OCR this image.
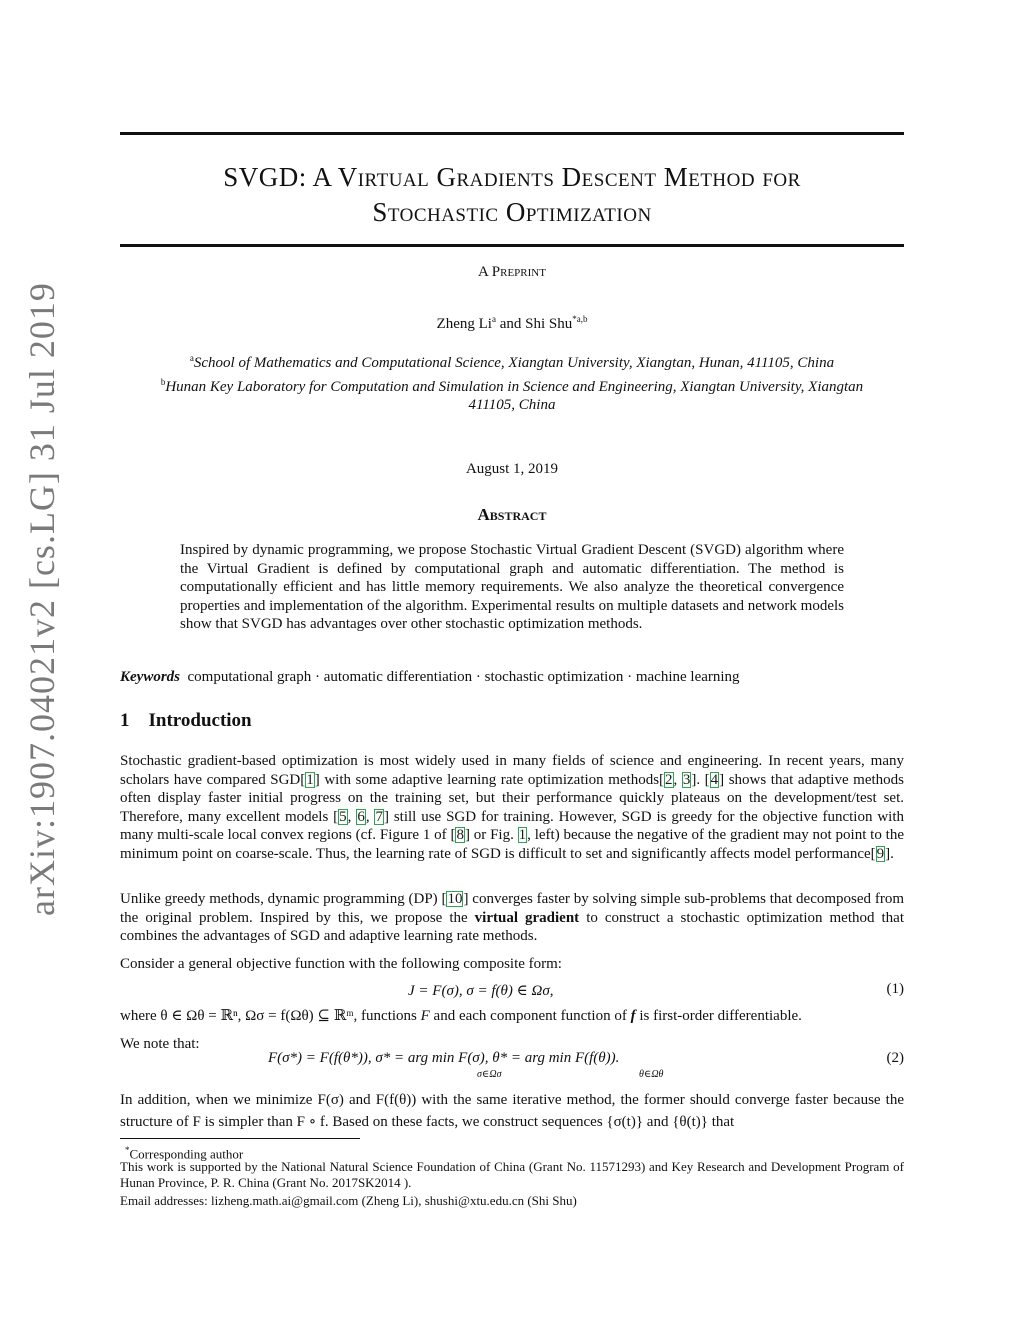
arXiv:1907.04021v2 [cs.LG] 31 Jul 2019
SVGD: A Virtual Gradients Descent Method for
Stochastic Optimization
A Preprint
Zheng Li$^a$ and Shi Shu$^{*a,b}$
$^a$School of Mathematics and Computational Science, Xiangtan University, Xiangtan, Hunan, 411105, China
$^b$Hunan Key Laboratory for Computation and Simulation in Science and Engineering, Xiangtan University, Xiangtan
411105, China
August 1, 2019
Abstract
Inspired by dynamic programming, we propose Stochastic Virtual Gradient Descent (SVGD) algorithm where the Virtual Gradient is defined by computational graph and automatic differentiation. The method is computationally efficient and has little memory requirements. We also analyze the theoretical convergence properties and implementation of the algorithm. Experimental results on multiple datasets and network models show that SVGD has advantages over other stochastic optimization methods.
Keywords computational graph · automatic differentiation · stochastic optimization · machine learning
1 Introduction
Stochastic gradient-based optimization is most widely used in many fields of science and engineering. In recent years, many scholars have compared SGD[1] with some adaptive learning rate optimization methods[2, 3]. [4] shows that adaptive methods often display faster initial progress on the training set, but their performance quickly plateaus on the development/test set. Therefore, many excellent models [5, 6, 7] still use SGD for training. However, SGD is greedy for the objective function with many multi-scale local convex regions (cf. Figure 1 of [8] or Fig. 1, left) because the negative of the gradient may not point to the minimum point on coarse-scale. Thus, the learning rate of SGD is difficult to set and significantly affects model performance[9].
Unlike greedy methods, dynamic programming (DP) [10] converges faster by solving simple sub-problems that decomposed from the original problem. Inspired by this, we propose the virtual gradient to construct a stochastic optimization method that combines the advantages of SGD and adaptive learning rate methods.
Consider a general objective function with the following composite form:
J = F(σ), σ = f(θ) ∈ Ωσ,	(1)
where θ ∈ Ωθ = ℝⁿ, Ωσ = f(Ωθ) ⊆ ℝᵐ, functions F and each component function of f is first-order differentiable.
We note that:
F(σ*) = F(f(θ*)), σ* = arg min F(σ), θ* = arg min F(f(θ)).
σ∈Ωσ	θ∈Ωθ
(2)
In addition, when we minimize F(σ) and F(f(θ)) with the same iterative method, the former should converge faster because the structure of F is simpler than F ∘ f. Based on these facts, we construct sequences {σ(t)} and {θ(t)} that
*Corresponding author
This work is supported by the National Natural Science Foundation of China (Grant No. 11571293) and Key Research and Development Program of Hunan Province, P. R. China (Grant No. 2017SK2014 ).
Email addresses: lizheng.math.ai@gmail.com (Zheng Li), shushi@xtu.edu.cn (Shi Shu)
